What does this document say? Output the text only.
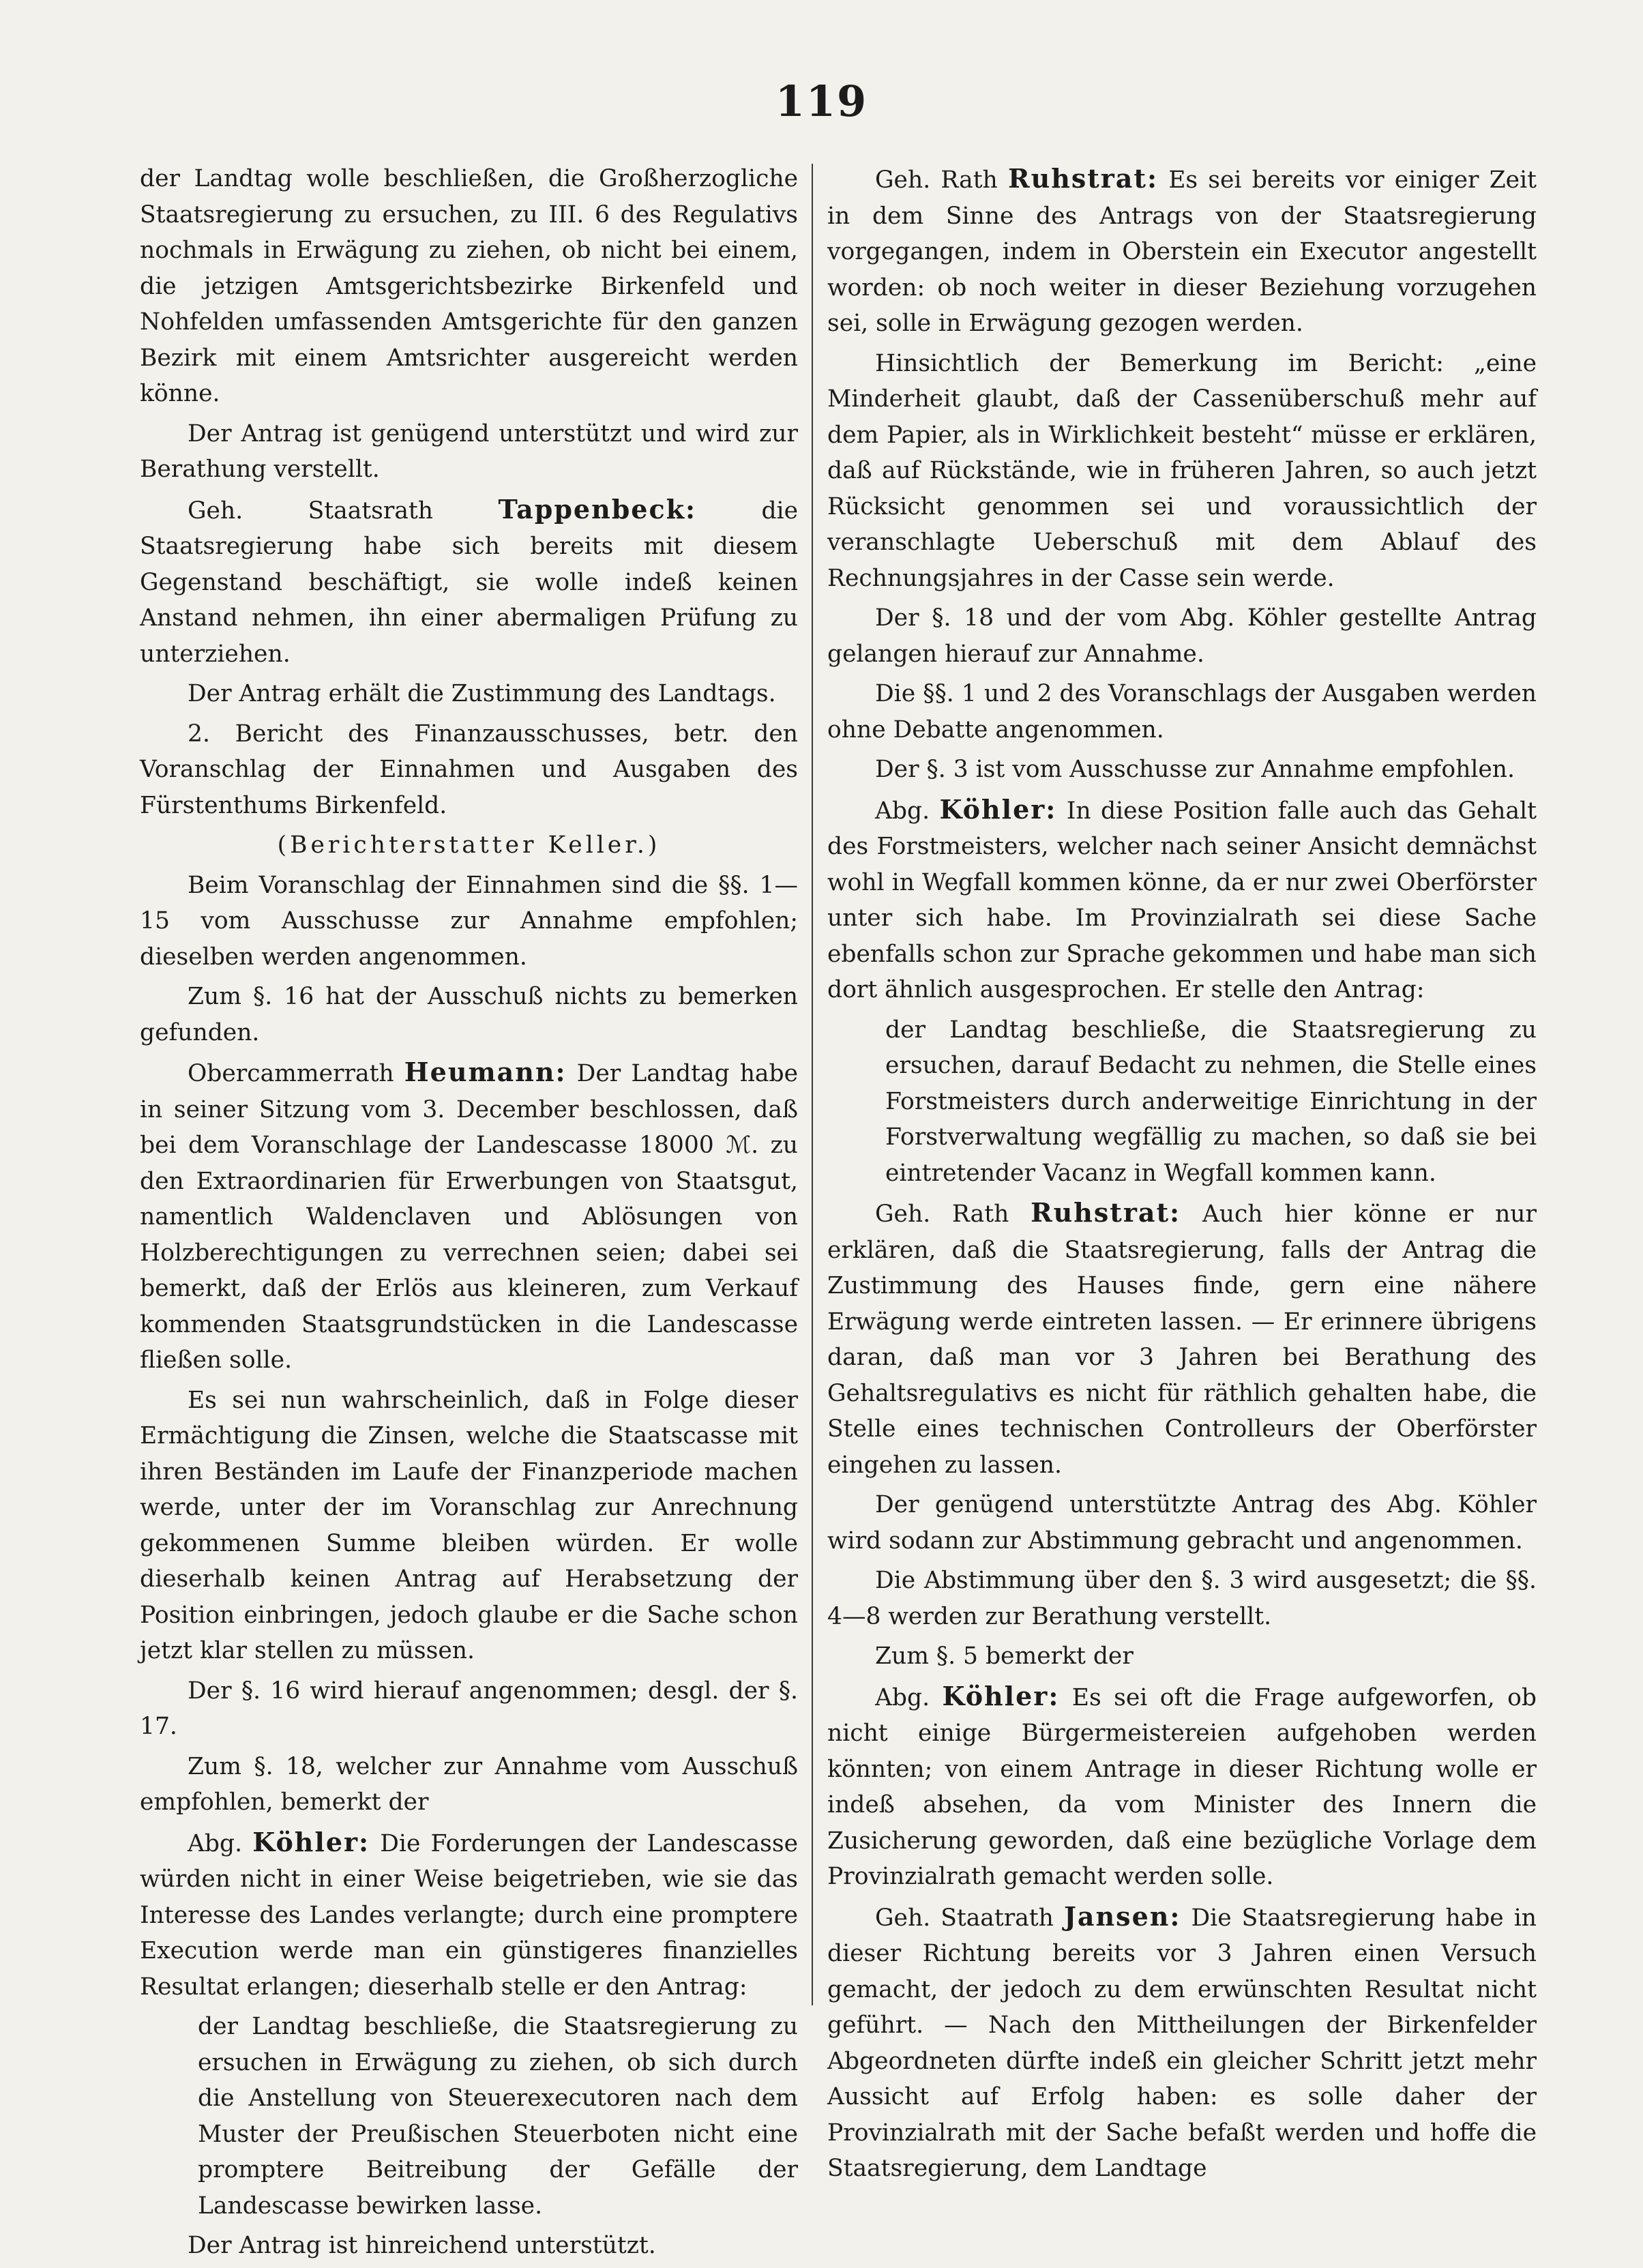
119

der Landtag wolle beschließen, die Großherzogliche Staatsregierung zu ersuchen, zu III. 6 des Regulativs nochmals in Erwägung zu ziehen, ob nicht bei einem, die jetzigen Amtsgerichtsbezirke Birkenfeld und Nohfelden umfassenden Amtsgerichte für den ganzen Bezirk mit einem Amtsrichter ausgereicht werden könne.

Der Antrag ist genügend unterstützt und wird zur Berathung verstellt.

Geh. Staatsrath	Tappenbeck:	die Staatsregierung habe sich bereits mit diesem Gegenstand beschäftigt, sie wolle indeß keinen Anstand nehmen, ihn einer abermaligen Prüfung zu unterziehen.

Der Antrag erhält die Zustimmung des Landtags.

2. Bericht des Finanzausschusses, betr. den Voranschlag der Einnahmen und Ausgaben des Fürstenthums Birkenfeld.

(Berichterstatter Keller.)

Beim Voranschlag der Einnahmen sind die §§. 1—15 vom Ausschusse zur Annahme empfohlen; dieselben werden angenommen.

Zum §. 16 hat der Ausschuß nichts zu bemerken gefunden.

Obercammerrath Heumann: Der Landtag habe in seiner Sitzung vom 3. December beschlossen, daß bei dem Voranschlage der Landescasse 18000 ℳ. zu den Extraordinarien für Erwerbungen von Staatsgut, namentlich Waldenclaven und Ablösungen von Holzberechtigungen zu verrechnen seien; dabei sei bemerkt, daß der Erlös aus kleineren, zum Verkauf kommenden Staatsgrundstücken in die Landescasse fließen solle.

Es sei nun wahrscheinlich, daß in Folge dieser Ermächtigung die Zinsen, welche die Staatscasse mit ihren Beständen im Laufe der Finanzperiode machen werde, unter der im Voranschlag zur Anrechnung gekommenen Summe bleiben würden. Er wolle dieserhalb keinen Antrag auf Herabsetzung der Position einbringen, jedoch glaube er die Sache schon jetzt klar stellen zu müssen.

Der §. 16 wird hierauf angenommen; desgl. der §. 17.

Zum §. 18, welcher zur Annahme vom Ausschuß empfohlen, bemerkt der

Abg. Köhler: Die Forderungen der Landescasse würden nicht in einer Weise beigetrieben, wie sie das Interesse des Landes verlangte; durch eine promptere Execution werde man ein günstigeres finanzielles Resultat erlangen; dieserhalb stelle er den Antrag:

der Landtag beschließe, die Staatsregierung zu ersuchen in Erwägung zu ziehen, ob sich durch die Anstellung von Steuerexecutoren nach dem Muster der Preußischen Steuerboten nicht eine promptere Beitreibung der Gefälle der Landescasse bewirken lasse.

Der Antrag ist hinreichend unterstützt.

Geh. Rath Ruhstrat: Es sei bereits vor einiger Zeit in dem Sinne des Antrags von der Staatsregierung vorgegangen, indem in Oberstein ein Executor angestellt worden: ob noch weiter in dieser Beziehung vorzugehen sei, solle in Erwägung gezogen werden.

Hinsichtlich der Bemerkung im Bericht: „eine Minderheit glaubt, daß der Cassenüberschuß mehr auf dem Papier, als in Wirklichkeit besteht“ müsse er erklären, daß auf Rückstände, wie in früheren Jahren, so auch jetzt Rücksicht genommen sei und voraussichtlich der veranschlagte Ueberschuß mit dem Ablauf des Rechnungsjahres in der Casse sein werde.

Der §. 18 und der vom Abg. Köhler gestellte Antrag gelangen hierauf zur Annahme.

Die §§. 1 und 2 des Voranschlags der Ausgaben werden ohne Debatte angenommen.

Der §. 3 ist vom Ausschusse zur Annahme empfohlen.

Abg. Köhler: In diese Position falle auch das Gehalt des Forstmeisters, welcher nach seiner Ansicht demnächst wohl in Wegfall kommen könne, da er nur zwei Oberförster unter sich habe. Im Provinzialrath sei diese Sache ebenfalls schon zur Sprache gekommen und habe man sich dort ähnlich ausgesprochen. Er stelle den Antrag:

der Landtag beschließe, die Staatsregierung zu ersuchen, darauf Bedacht zu nehmen, die Stelle eines Forstmeisters durch anderweitige Einrichtung in der Forstverwaltung wegfällig zu machen, so daß sie bei eintretender Vacanz in Wegfall kommen kann.

Geh. Rath Ruhstrat: Auch hier könne er nur erklären, daß die Staatsregierung, falls der Antrag die Zustimmung des Hauses finde, gern eine nähere Erwägung werde eintreten lassen. — Er erinnere übrigens daran, daß man vor 3 Jahren bei Berathung des Gehaltsregulativs es nicht für räthlich gehalten habe, die Stelle eines technischen Controlleurs der Oberförster eingehen zu lassen.

Der genügend unterstützte Antrag des Abg. Köhler wird sodann zur Abstimmung gebracht und angenommen.

Die Abstimmung über den §. 3 wird ausgesetzt; die §§. 4—8 werden zur Berathung verstellt.

Zum §. 5 bemerkt der

Abg. Köhler: Es sei oft die Frage aufgeworfen, ob nicht einige Bürgermeistereien aufgehoben werden könnten; von einem Antrage in dieser Richtung wolle er indeß absehen, da vom Minister des Innern die Zusicherung geworden, daß eine bezügliche Vorlage dem Provinzialrath gemacht werden solle.

Geh. Staatrath Jansen: Die Staatsregierung habe in dieser Richtung bereits vor 3 Jahren einen Versuch gemacht, der jedoch zu dem erwünschten Resultat nicht geführt. — Nach den Mittheilungen der Birkenfelder Abgeordneten dürfte indeß ein gleicher Schritt jetzt mehr Aussicht auf Erfolg haben: es solle daher der Provinzialrath mit der Sache befaßt werden und hoffe die Staatsregierung, dem Landtage
